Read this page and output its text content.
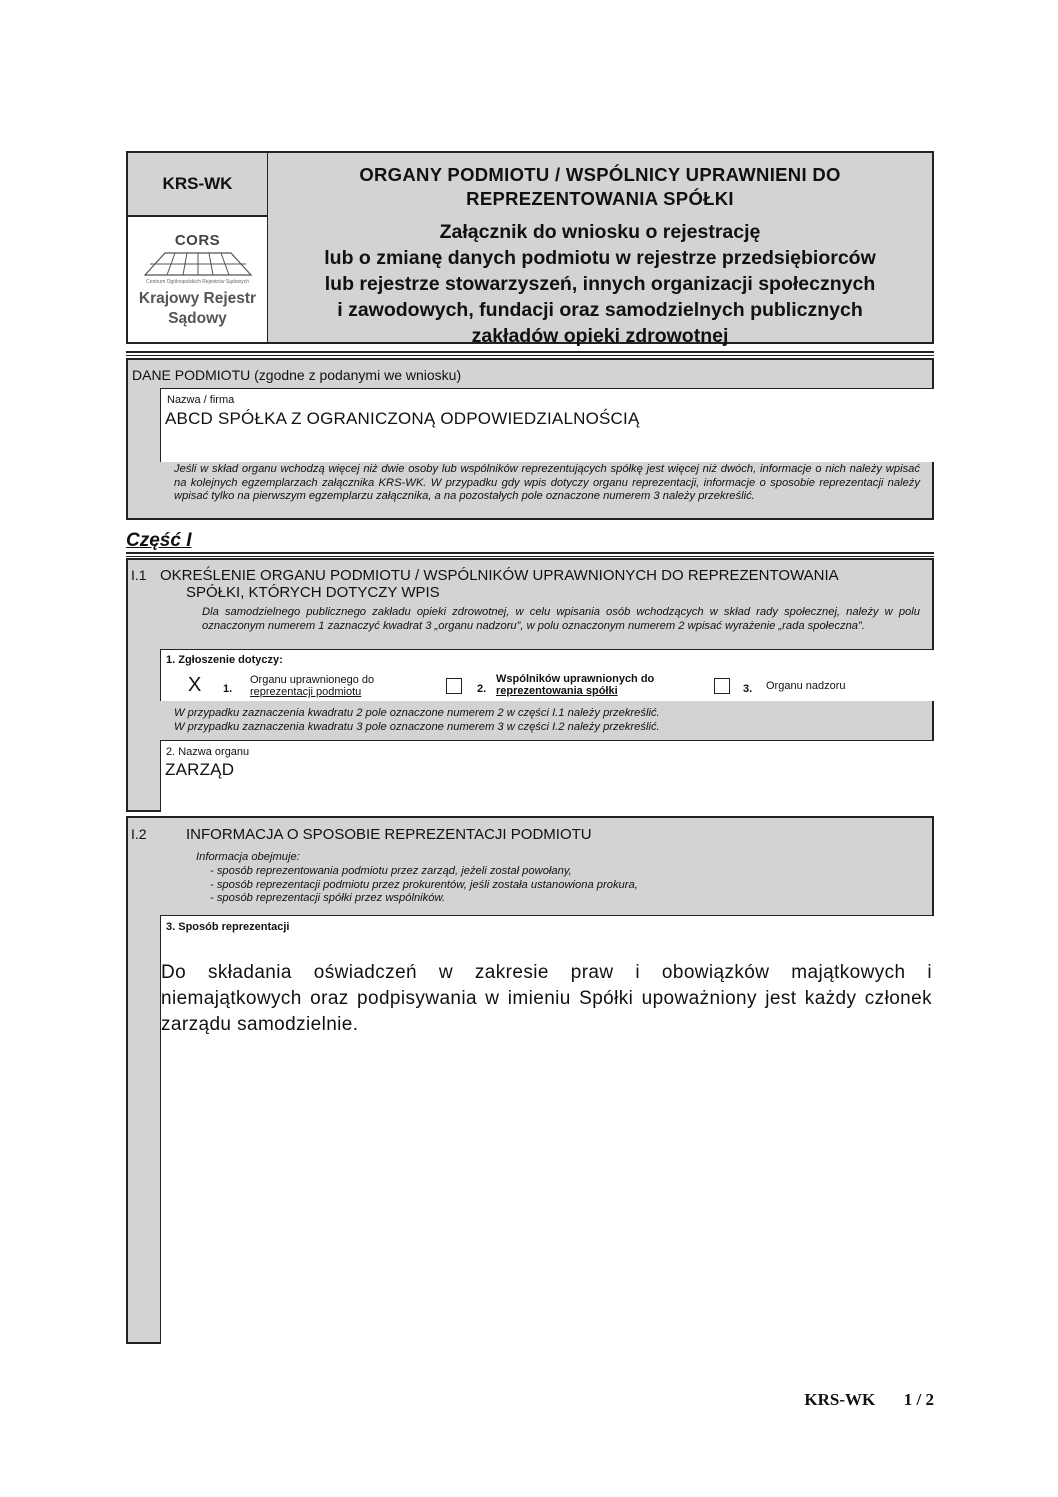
KRS-WK
CORS
Centrum Ogólnopolskich Rejestrów Sądowych
Krajowy Rejestr
Sądowy
ORGANY PODMIOTU / WSPÓLNICY UPRAWNIENI DO
REPREZENTOWANIA SPÓŁKI
Załącznik do wniosku o rejestrację
lub o zmianę danych podmiotu w rejestrze przedsiębiorców
lub rejestrze stowarzyszeń, innych organizacji społecznych
i zawodowych, fundacji oraz samodzielnych publicznych
zakładów opieki zdrowotnej
DANE PODMIOTU (zgodne z podanymi we wniosku)
Nazwa / firma
ABCD SPÓŁKA Z OGRANICZONĄ ODPOWIEDZIALNOŚCIĄ
Jeśli w skład organu wchodzą więcej niż dwie osoby lub wspólników reprezentujących spółkę jest więcej niż dwóch, informacje o nich należy wpisać na kolejnych egzemplarzach załącznika KRS-WK. W przypadku gdy wpis dotyczy organu reprezentacji, informacje o sposobie reprezentacji należy wpisać tylko na pierwszym egzemplarzu załącznika, a na pozostałych pole oznaczone numerem 3 należy przekreślić.
Część I
I.1 OKREŚLENIE ORGANU PODMIOTU / WSPÓLNIKÓW UPRAWNIONYCH DO REPREZENTOWANIA
SPÓŁKI, KTÓRYCH DOTYCZY WPIS
Dla samodzielnego publicznego zakładu opieki zdrowotnej, w celu wpisania osób wchodzących w skład rady społecznej, należy w polu oznaczonym numerem 1 zaznaczyć kwadrat 3 „organu nadzoru”, w polu oznaczonym numerem 2 wpisać wyrażenie „rada społeczna”.
1. Zgłoszenie dotyczy:
X 1.
Organu uprawnionego do
reprezentacji podmiotu	2.
Wspólników uprawnionych do
reprezentowania spółki	3. Organu nadzoru
W przypadku zaznaczenia kwadratu 2 pole oznaczone numerem 2 w części I.1 należy przekreślić.
W przypadku zaznaczenia kwadratu 3 pole oznaczone numerem 3 w części I.2 należy przekreślić.
2. Nazwa organu
ZARZĄD
I.2	INFORMACJA O SPOSOBIE REPREZENTACJI PODMIOTU
Informacja obejmuje:
- sposób reprezentowania podmiotu przez zarząd, jeżeli został powołany,
- sposób reprezentacji podmiotu przez prokurentów, jeśli została ustanowiona prokura,
- sposób reprezentacji spółki przez wspólników.
3. Sposób reprezentacji
Do składania oświadczeń w zakresie praw i obowiązków majątkowych i niemajątkowych oraz podpisywania w imieniu Spółki upoważniony jest każdy członek zarządu samodzielnie.
KRS-WK 1 / 2
